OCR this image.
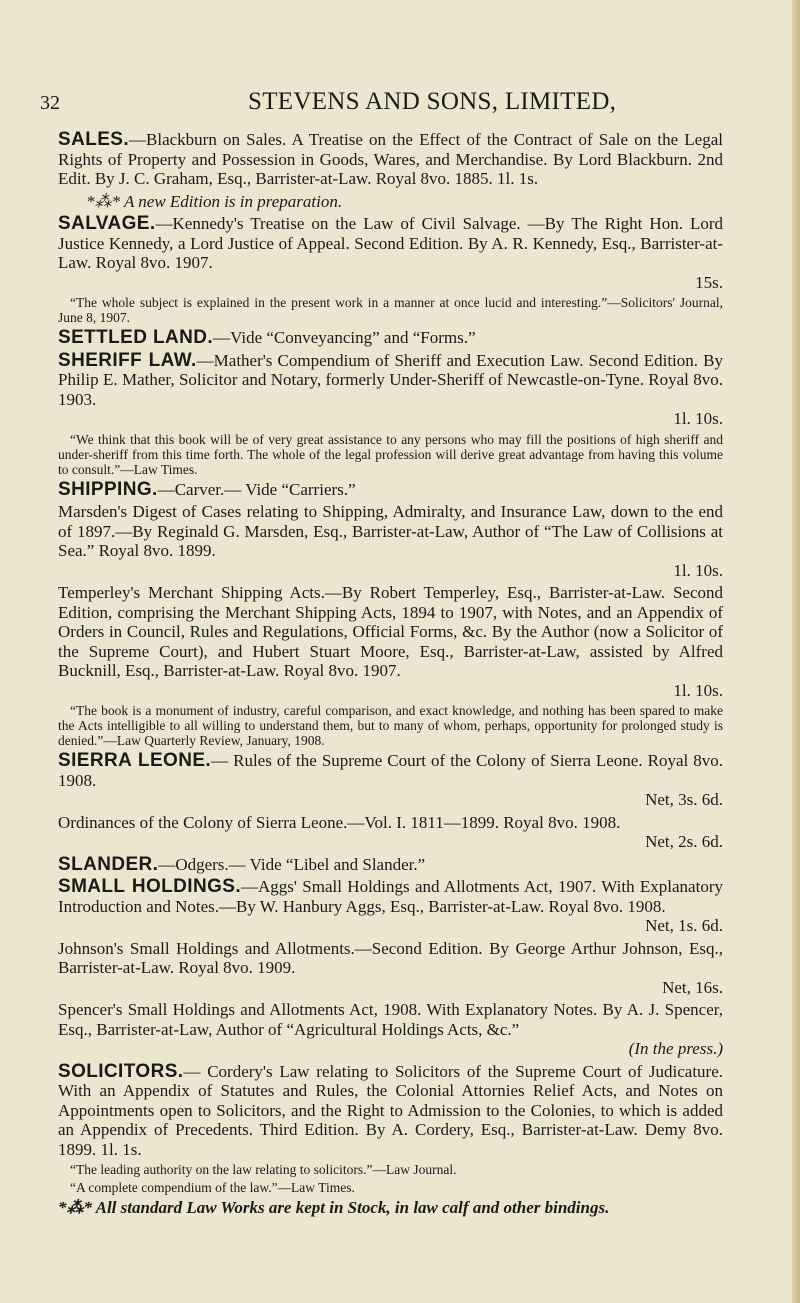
32	STEVENS AND SONS, LIMITED,
SALES.—Blackburn on Sales. A Treatise on the Effect of the Contract of Sale on the Legal Rights of Property and Possession in Goods, Wares, and Merchandise. By Lord Blackburn. 2nd Edit. By J. C. Graham, Esq., Barrister-at-Law. Royal 8vo. 1885. 1l. 1s.
*⁂* A new Edition is in preparation.
SALVAGE.—Kennedy's Treatise on the Law of Civil Salvage. —By The Right Hon. Lord Justice Kennedy, a Lord Justice of Appeal. Second Edition. By A. R. Kennedy, Esq., Barrister-at-Law. Royal 8vo. 1907.
15s.
“The whole subject is explained in the present work in a manner at once lucid and interesting.”—Solicitors' Journal, June 8, 1907.
SETTLED LAND.—Vide “Conveyancing” and “Forms.”
SHERIFF LAW.—Mather's Compendium of Sheriff and Execution Law. Second Edition. By Philip E. Mather, Solicitor and Notary, formerly Under-Sheriff of Newcastle-on-Tyne. Royal 8vo. 1903.
1l. 10s.
“We think that this book will be of very great assistance to any persons who may fill the positions of high sheriff and under-sheriff from this time forth. The whole of the legal profession will derive great advantage from having this volume to consult.”—Law Times.
SHIPPING.—Carver.— Vide “Carriers.”
Marsden's Digest of Cases relating to Shipping, Admiralty, and Insurance Law, down to the end of 1897.—By Reginald G. Marsden, Esq., Barrister-at-Law, Author of “The Law of Collisions at Sea.” Royal 8vo. 1899.
1l. 10s.
Temperley's Merchant Shipping Acts.—By Robert Temperley, Esq., Barrister-at-Law. Second Edition, comprising the Merchant Shipping Acts, 1894 to 1907, with Notes, and an Appendix of Orders in Council, Rules and Regulations, Official Forms, &c. By the Author (now a Solicitor of the Supreme Court), and Hubert Stuart Moore, Esq., Barrister-at-Law, assisted by Alfred Bucknill, Esq., Barrister-at-Law. Royal 8vo. 1907.
1l. 10s.
“The book is a monument of industry, careful comparison, and exact knowledge, and nothing has been spared to make the Acts intelligible to all willing to understand them, but to many of whom, perhaps, opportunity for prolonged study is denied.”—Law Quarterly Review, January, 1908.
SIERRA LEONE.— Rules of the Supreme Court of the Colony of Sierra Leone. Royal 8vo. 1908.
Net, 3s. 6d.
Ordinances of the Colony of Sierra Leone.—Vol. I. 1811—1899. Royal 8vo. 1908.
Net, 2s. 6d.
SLANDER.—Odgers.— Vide “Libel and Slander.”
SMALL HOLDINGS.—Aggs' Small Holdings and Allotments Act, 1907. With Explanatory Introduction and Notes.—By W. Hanbury Aggs, Esq., Barrister-at-Law. Royal 8vo. 1908.
Net, 1s. 6d.
Johnson's Small Holdings and Allotments.—Second Edition. By George Arthur Johnson, Esq., Barrister-at-Law. Royal 8vo. 1909.
Net, 16s.
Spencer's Small Holdings and Allotments Act, 1908. With Explanatory Notes. By A. J. Spencer, Esq., Barrister-at-Law, Author of “Agricultural Holdings Acts, &c.”
(In the press.)
SOLICITORS.— Cordery's Law relating to Solicitors of the Supreme Court of Judicature. With an Appendix of Statutes and Rules, the Colonial Attornies Relief Acts, and Notes on Appointments open to Solicitors, and the Right to Admission to the Colonies, to which is added an Appendix of Precedents. Third Edition. By A. Cordery, Esq., Barrister-at-Law. Demy 8vo. 1899. 1l. 1s.
“The leading authority on the law relating to solicitors.”—Law Journal.
“A complete compendium of the law.”—Law Times.
*⁂* All standard Law Works are kept in Stock, in law calf and other bindings.
